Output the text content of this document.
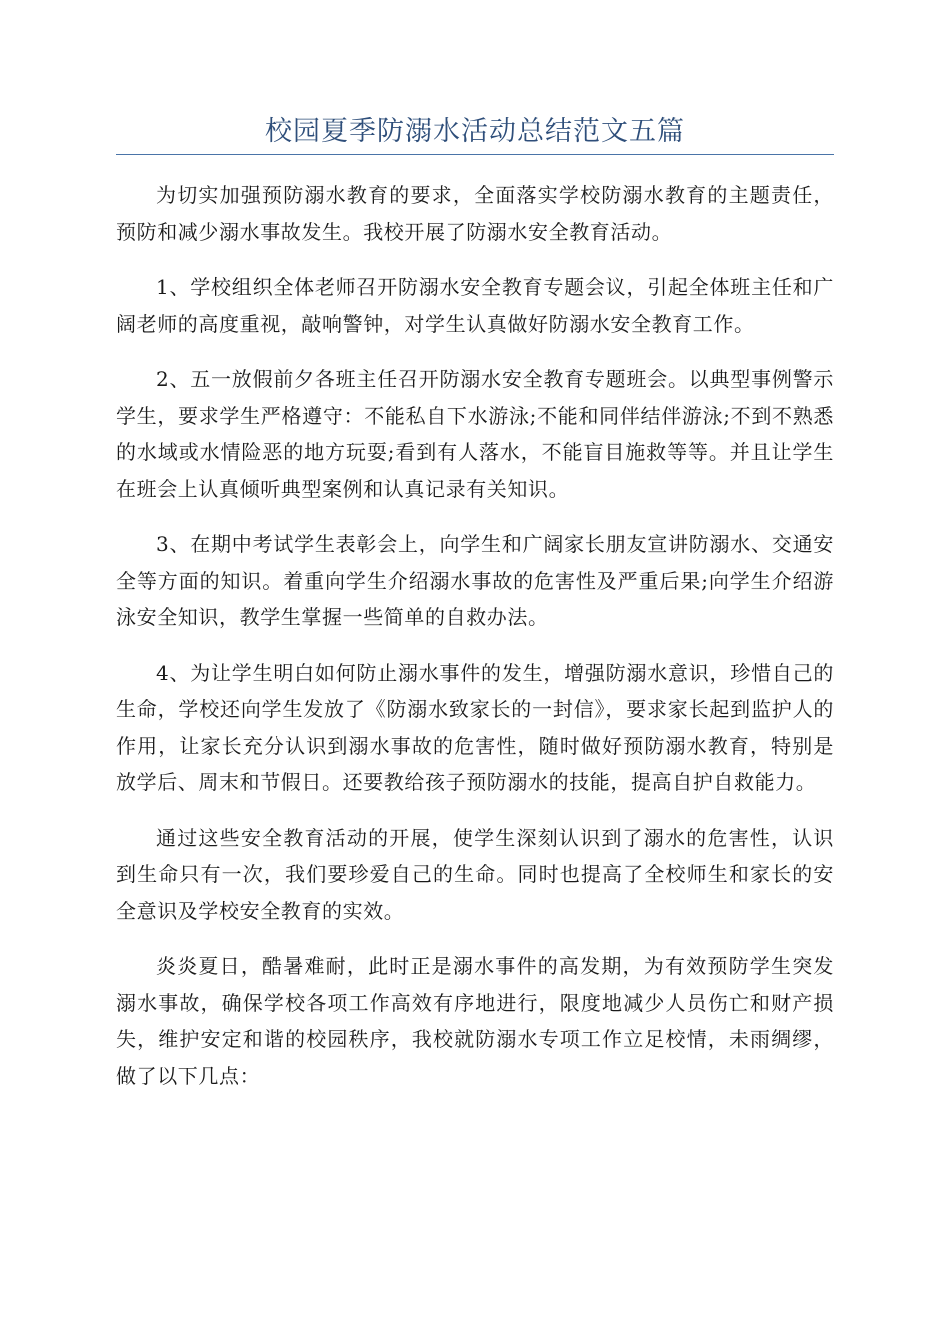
校园夏季防溺水活动总结范文五篇

为切实加强预防溺水教育的要求，全面落实学校防溺水教育的主题责任，预防和减少溺水事故发生。我校开展了防溺水安全教育活动。

1、学校组织全体老师召开防溺水安全教育专题会议，引起全体班主任和广阔老师的高度重视，敲响警钟，对学生认真做好防溺水安全教育工作。

2、五一放假前夕各班主任召开防溺水安全教育专题班会。以典型事例警示学生，要求学生严格遵守：不能私自下水游泳;不能和同伴结伴游泳;不到不熟悉的水域或水情险恶的地方玩耍;看到有人落水，不能盲目施救等等。并且让学生在班会上认真倾听典型案例和认真记录有关知识。

3、在期中考试学生表彰会上，向学生和广阔家长朋友宣讲防溺水、交通安全等方面的知识。着重向学生介绍溺水事故的危害性及严重后果;向学生介绍游泳安全知识，教学生掌握一些简单的自救办法。

4、为让学生明白如何防止溺水事件的发生，增强防溺水意识，珍惜自己的生命，学校还向学生发放了《防溺水致家长的一封信》，要求家长起到监护人的作用，让家长充分认识到溺水事故的危害性，随时做好预防溺水教育，特别是放学后、周末和节假日。还要教给孩子预防溺水的技能，提高自护自救能力。

通过这些安全教育活动的开展，使学生深刻认识到了溺水的危害性，认识到生命只有一次，我们要珍爱自己的生命。同时也提高了全校师生和家长的安全意识及学校安全教育的实效。

炎炎夏日，酷暑难耐，此时正是溺水事件的高发期，为有效预防学生突发溺水事故，确保学校各项工作高效有序地进行，限度地减少人员伤亡和财产损失，维护安定和谐的校园秩序，我校就防溺水专项工作立足校情，未雨绸缪，做了以下几点：
